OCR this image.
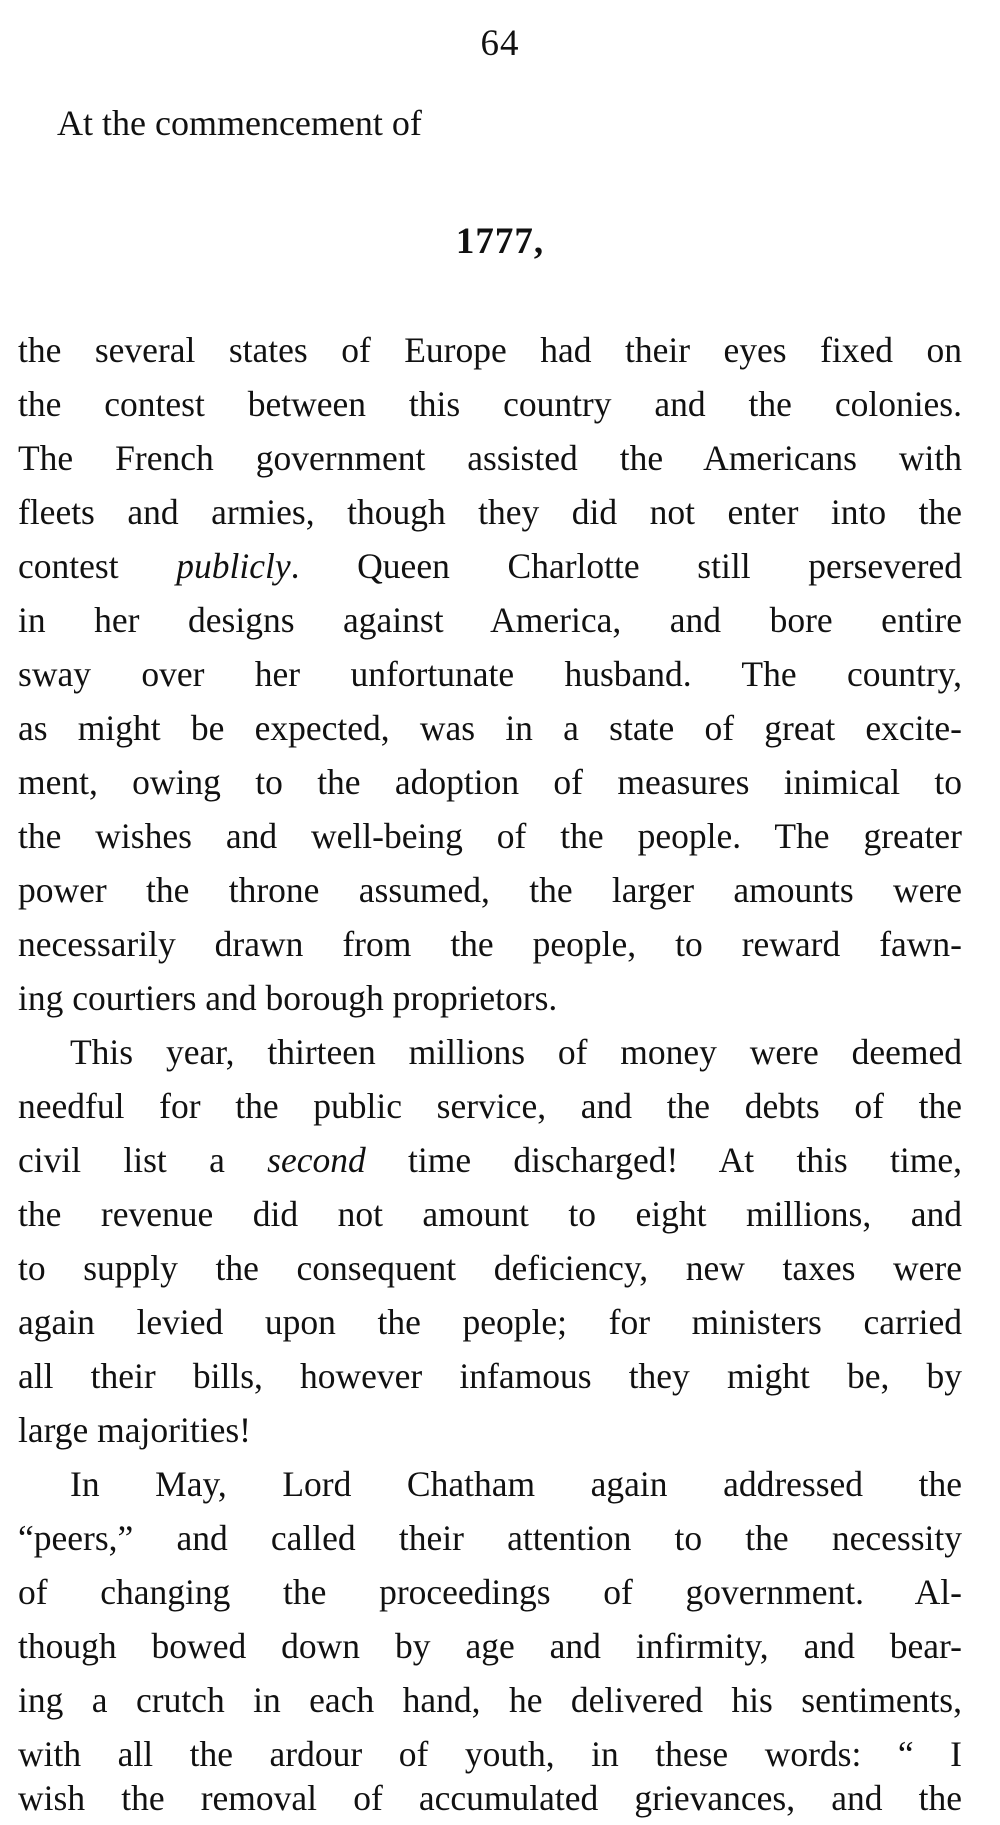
64
At the commencement of
1777,
the several states of Europe had their eyes fixed on
the contest between this country and the colonies.
The French government assisted the Americans with
fleets and armies, though they did not enter into the
contest publicly. Queen Charlotte still persevered
in her designs against America, and bore entire
sway over her unfortunate husband. The country,
as might be expected, was in a state of great excite-
ment, owing to the adoption of measures inimical to
the wishes and well-being of the people. The greater
power the throne assumed, the larger amounts were
necessarily drawn from the people, to reward fawn-
ing courtiers and borough proprietors.
This year, thirteen millions of money were deemed
needful for the public service, and the debts of the
civil list a second time discharged! At this time,
the revenue did not amount to eight millions, and
to supply the consequent deficiency, new taxes were
again levied upon the people; for ministers carried
all their bills, however infamous they might be, by
large majorities!
In May, Lord Chatham again addressed the
“peers,” and called their attention to the necessity
of changing the proceedings of government. Al-
though bowed down by age and infirmity, and bear-
ing a crutch in each hand, he delivered his sentiments,
with all the ardour of youth, in these words: “ I
wish the removal of accumulated grievances, and the
